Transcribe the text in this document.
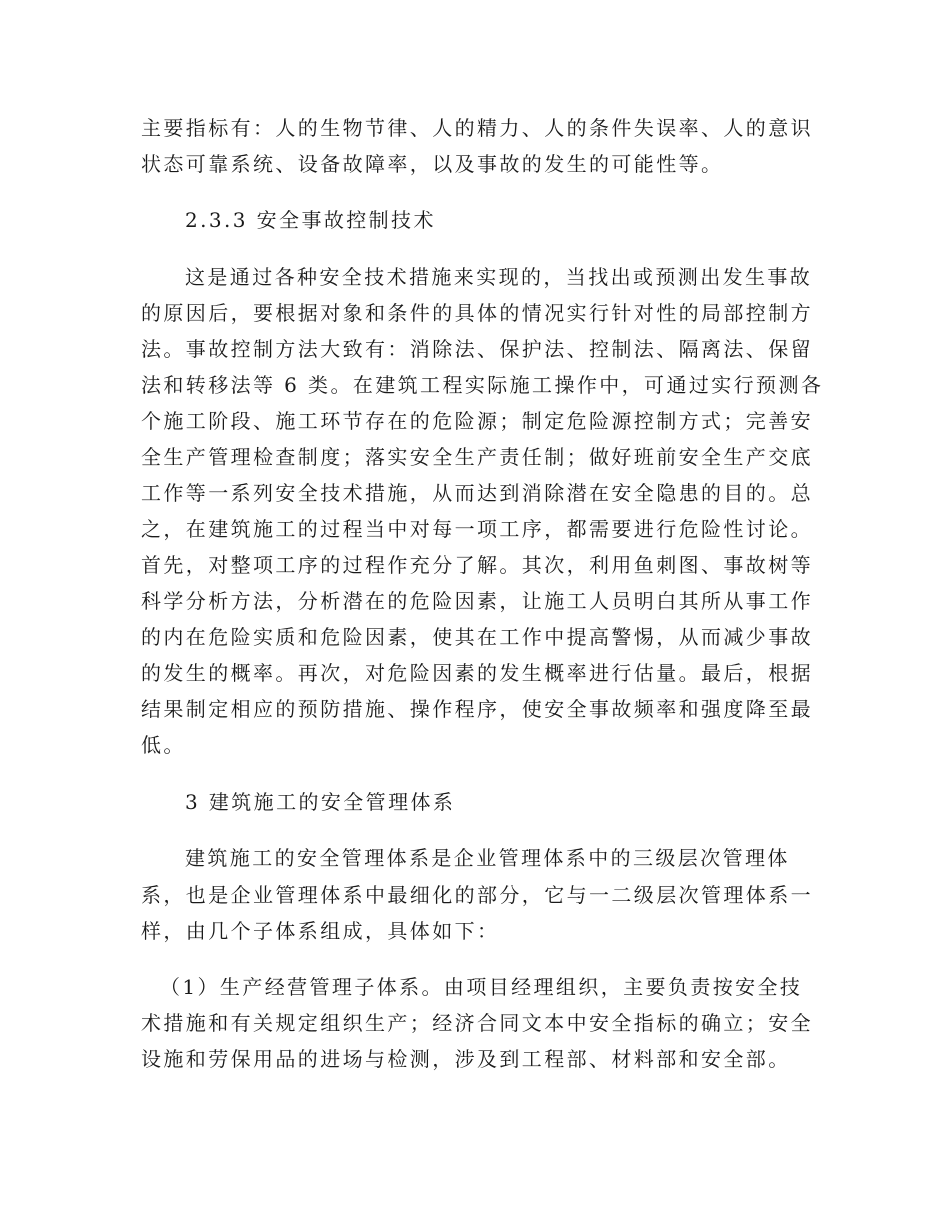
主要指标有：人的生物节律、人的精力、人的条件失误率、人的意识
状态可靠系统、设备故障率，以及事故的发生的可能性等。
2.3.3 安全事故控制技术
这是通过各种安全技术措施来实现的，当找出或预测出发生事故
的原因后，要根据对象和条件的具体的情况实行针对性的局部控制方
法。事故控制方法大致有：消除法、保护法、控制法、隔离法、保留
法和转移法等 6 类。在建筑工程实际施工操作中，可通过实行预测各
个施工阶段、施工环节存在的危险源；制定危险源控制方式；完善安
全生产管理检查制度；落实安全生产责任制；做好班前安全生产交底
工作等一系列安全技术措施，从而达到消除潜在安全隐患的目的。总
之，在建筑施工的过程当中对每一项工序，都需要进行危险性讨论。
首先，对整项工序的过程作充分了解。其次，利用鱼刺图、事故树等
科学分析方法，分析潜在的危险因素，让施工人员明白其所从事工作
的内在危险实质和危险因素，使其在工作中提高警惕，从而减少事故
的发生的概率。再次，对危险因素的发生概率进行估量。最后，根据
结果制定相应的预防措施、操作程序，使安全事故频率和强度降至最
低。
3 建筑施工的安全管理体系
建筑施工的安全管理体系是企业管理体系中的三级层次管理体
系，也是企业管理体系中最细化的部分，它与一二级层次管理体系一
样，由几个子体系组成，具体如下：
（1）生产经营管理子体系。由项目经理组织，主要负责按安全技
术措施和有关规定组织生产；经济合同文本中安全指标的确立；安全
设施和劳保用品的进场与检测，涉及到工程部、材料部和安全部。
